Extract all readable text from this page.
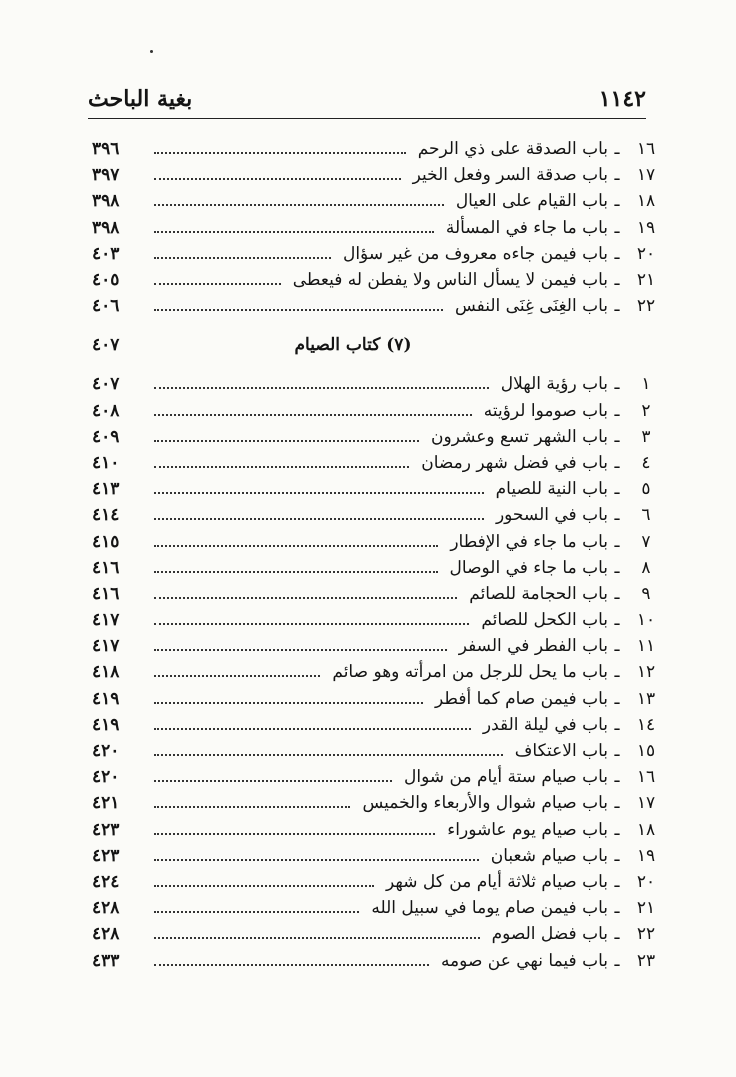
١١٤٢
بغية الباحث
١٦
ـ
باب الصدقة على ذي الرحم
٣٩٦
١٧
ـ
باب صدقة السر وفعل الخير
٣٩٧
١٨
ـ
باب القيام على العيال
٣٩٨
١٩
ـ
باب ما جاء في المسألة
٣٩٨
٢٠
ـ
باب فيمن جاءه معروف من غير سؤال
٤٠٣
٢١
ـ
باب فيمن لا يسأل الناس ولا يفطن له فيعطى
٤٠٥
٢٢
ـ
باب الغِنَى غِنَى النفس
٤٠٦
(٧) كتاب الصيام
٤٠٧
١
ـ
باب رؤية الهلال
٤٠٧
٢
ـ
باب صوموا لرؤيته
٤٠٨
٣
ـ
باب الشهر تسع وعشرون
٤٠٩
٤
ـ
باب في فضل شهر رمضان
٤١٠
٥
ـ
باب النية للصيام
٤١٣
٦
ـ
باب في السحور
٤١٤
٧
ـ
باب ما جاء في الإفطار
٤١٥
٨
ـ
باب ما جاء في الوصال
٤١٦
٩
ـ
باب الحجامة للصائم
٤١٦
١٠
ـ
باب الكحل للصائم
٤١٧
١١
ـ
باب الفطر في السفر
٤١٧
١٢
ـ
باب ما يحل للرجل من امرأته وهو صائم
٤١٨
١٣
ـ
باب فيمن صام كما أفطر
٤١٩
١٤
ـ
باب في ليلة القدر
٤١٩
١٥
ـ
باب الاعتكاف
٤٢٠
١٦
ـ
باب صيام ستة أيام من شوال
٤٢٠
١٧
ـ
باب صيام شوال والأربعاء والخميس
٤٢١
١٨
ـ
باب صيام يوم عاشوراء
٤٢٣
١٩
ـ
باب صيام شعبان
٤٢٣
٢٠
ـ
باب صيام ثلاثة أيام من كل شهر
٤٢٤
٢١
ـ
باب فيمن صام يوما في سبيل الله
٤٢٨
٢٢
ـ
باب فضل الصوم
٤٢٨
٢٣
ـ
باب فيما نهي عن صومه
٤٣٣
